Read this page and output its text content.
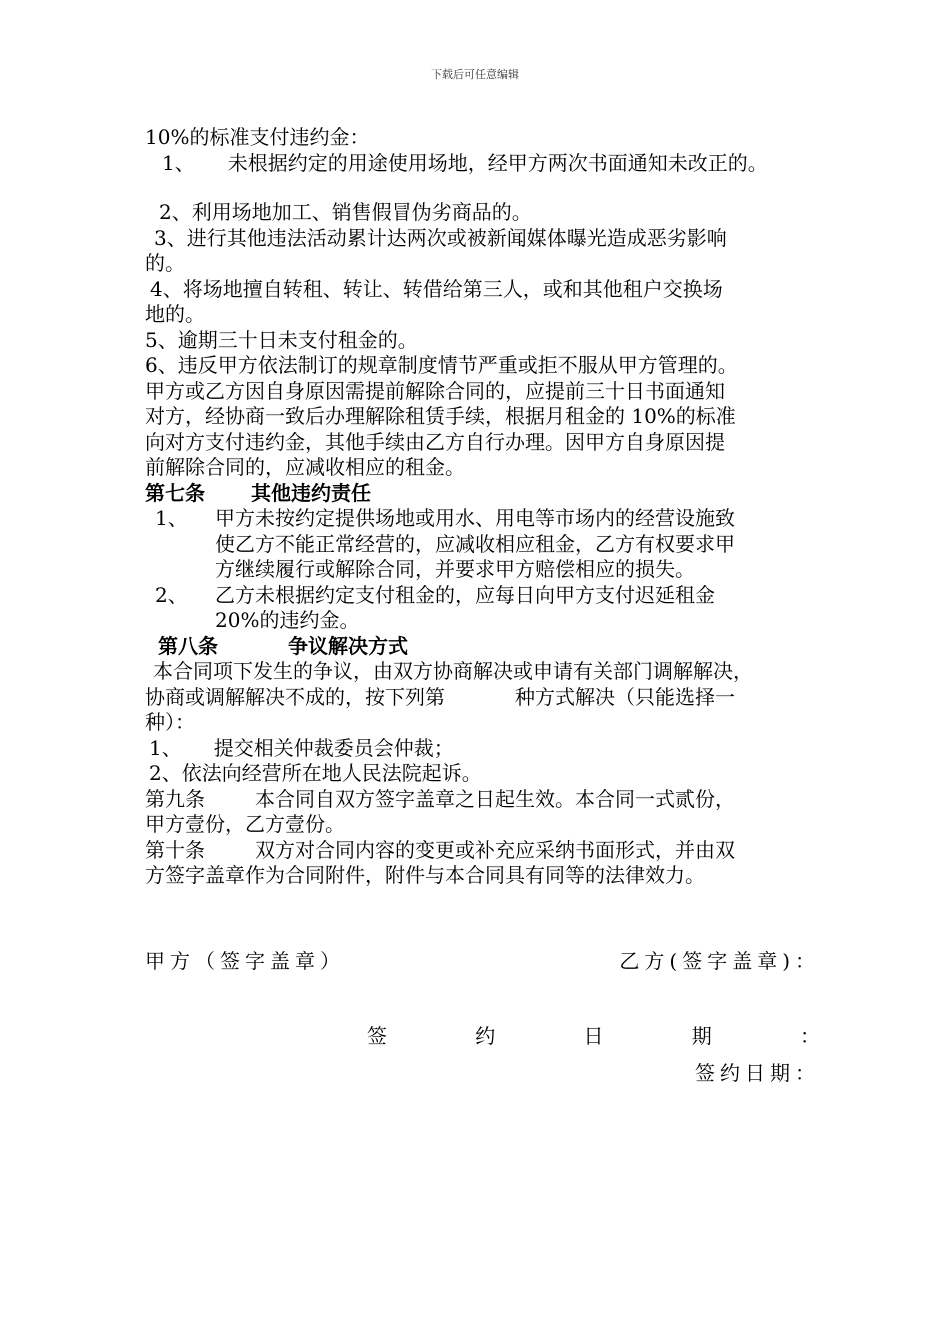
下载后可任意编辑
10%的标准支付违约金：
1、 未根据约定的用途使用场地，经甲方两次书面通知未改正的。
2、利用场地加工、销售假冒伪劣商品的。
3、进行其他违法活动累计达两次或被新闻媒体曝光造成恶劣影响
的。
4、将场地擅自转租、转让、转借给第三人，或和其他租户交换场
地的。
5、逾期三十日未支付租金的。
6、违反甲方依法制订的规章制度情节严重或拒不服从甲方管理的。
甲方或乙方因自身原因需提前解除合同的，应提前三十日书面通知
对方，经协商一致后办理解除租赁手续，根据月租金的 10%的标准
向对方支付违约金，其他手续由乙方自行办理。因甲方自身原因提
前解除合同的，应减收相应的租金。
第七条 其他违约责任
1、	甲方未按约定提供场地或用水、用电等市场内的经营设施致
使乙方不能正常经营的，应减收相应租金，乙方有权要求甲
方继续履行或解除合同，并要求甲方赔偿相应的损失。
2、	乙方未根据约定支付租金的，应每日向甲方支付迟延租金
20%的违约金。
第八条	争议解决方式
本合同项下发生的争议，由双方协商解决或申请有关部门调解解决，
协商或调解解决不成的，按下列第	种方式解决（只能选择一
种）：
1、 提交相关仲裁委员会仲裁；
2、依法向经营所在地人民法院起诉。
第九条	本合同自双方签字盖章之日起生效。本合同一式贰份，
甲方壹份，乙方壹份。
第十条	双方对合同内容的变更或补充应采纳书面形式，并由双
方签字盖章作为合同附件，附件与本合同具有同等的法律效力。
甲方（签字盖章）	乙方(签字盖章)：
签	约	日	期	：
签约日期：
